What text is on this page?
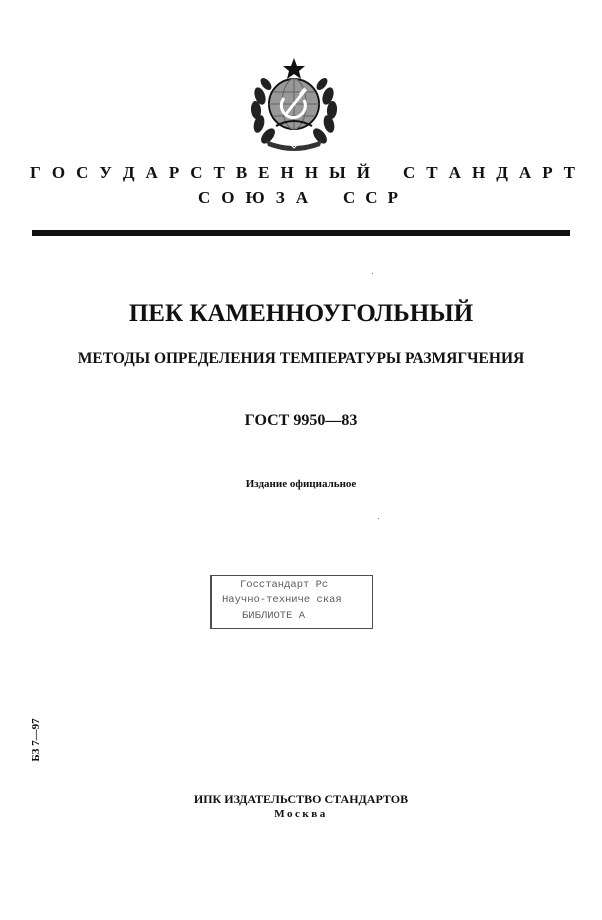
Г О С У Д А Р С Т В Е Н Н Ы Й С Т А Н Д А Р Т
С О Ю З А С С Р
ПЕК КАМЕННОУГОЛЬНЫЙ
МЕТОДЫ ОПРЕДЕЛЕНИЯ ТЕМПЕРАТУРЫ РАЗМЯГЧЕНИЯ
ГОСТ 9950—83
Издание официальное
Госстандарт Рс
Научно-техниче ская
БИБЛИОТЕ А
БЗ 7—97
ИПК ИЗДАТЕЛЬСТВО СТАНДАРТОВ
Москва
